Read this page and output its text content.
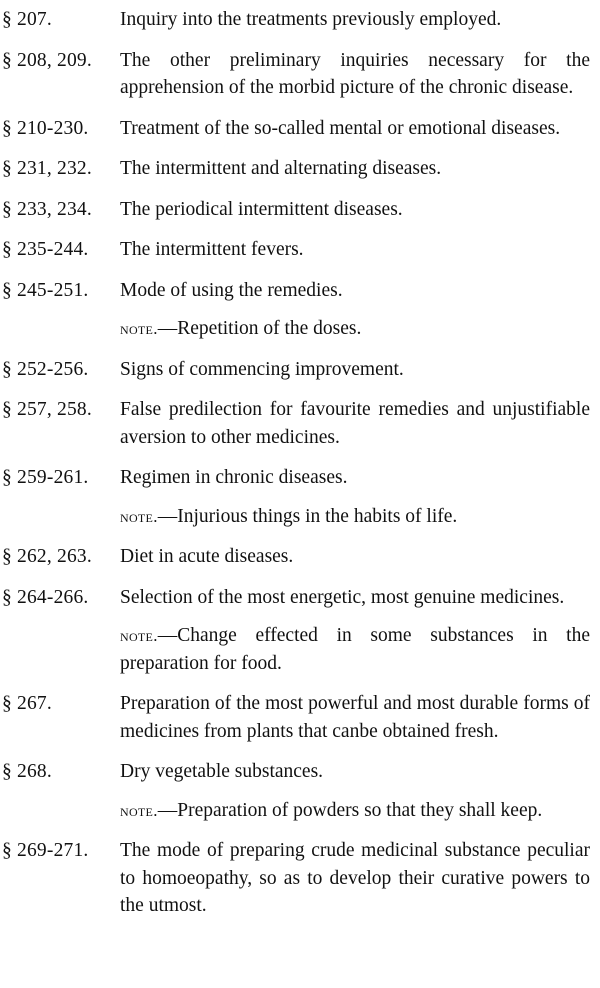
§ 207.	Inquiry into the treatments previously employed.
§ 208, 209.	The other preliminary inquiries necessary for the apprehension of the morbid picture of the chronic disease.
§ 210-230.	Treatment of the so-called mental or emotional diseases.
§ 231, 232.	The intermittent and alternating diseases.
§ 233, 234.	The periodical intermittent diseases.
§ 235-244.	The intermittent fevers.
§ 245-251.	Mode of using the remedies.
note.—Repetition of the doses.
§ 252-256.	Signs of commencing improvement.
§ 257, 258.	False predilection for favourite remedies and unjustifiable aversion to other medicines.
§ 259-261.	Regimen in chronic diseases.
note.—Injurious things in the habits of life.
§ 262, 263.	Diet in acute diseases.
§ 264-266.	Selection of the most energetic, most genuine medicines.
note.—Change effected in some substances in the preparation for food.
§ 267.	Preparation of the most powerful and most durable forms of medicines from plants that canbe obtained fresh.
§ 268.	Dry vegetable substances.
note.—Preparation of powders so that they shall keep.
§ 269-271.	The mode of preparing crude medicinal substance peculiar to homoeopathy, so as to develop their curative powers to the utmost.
